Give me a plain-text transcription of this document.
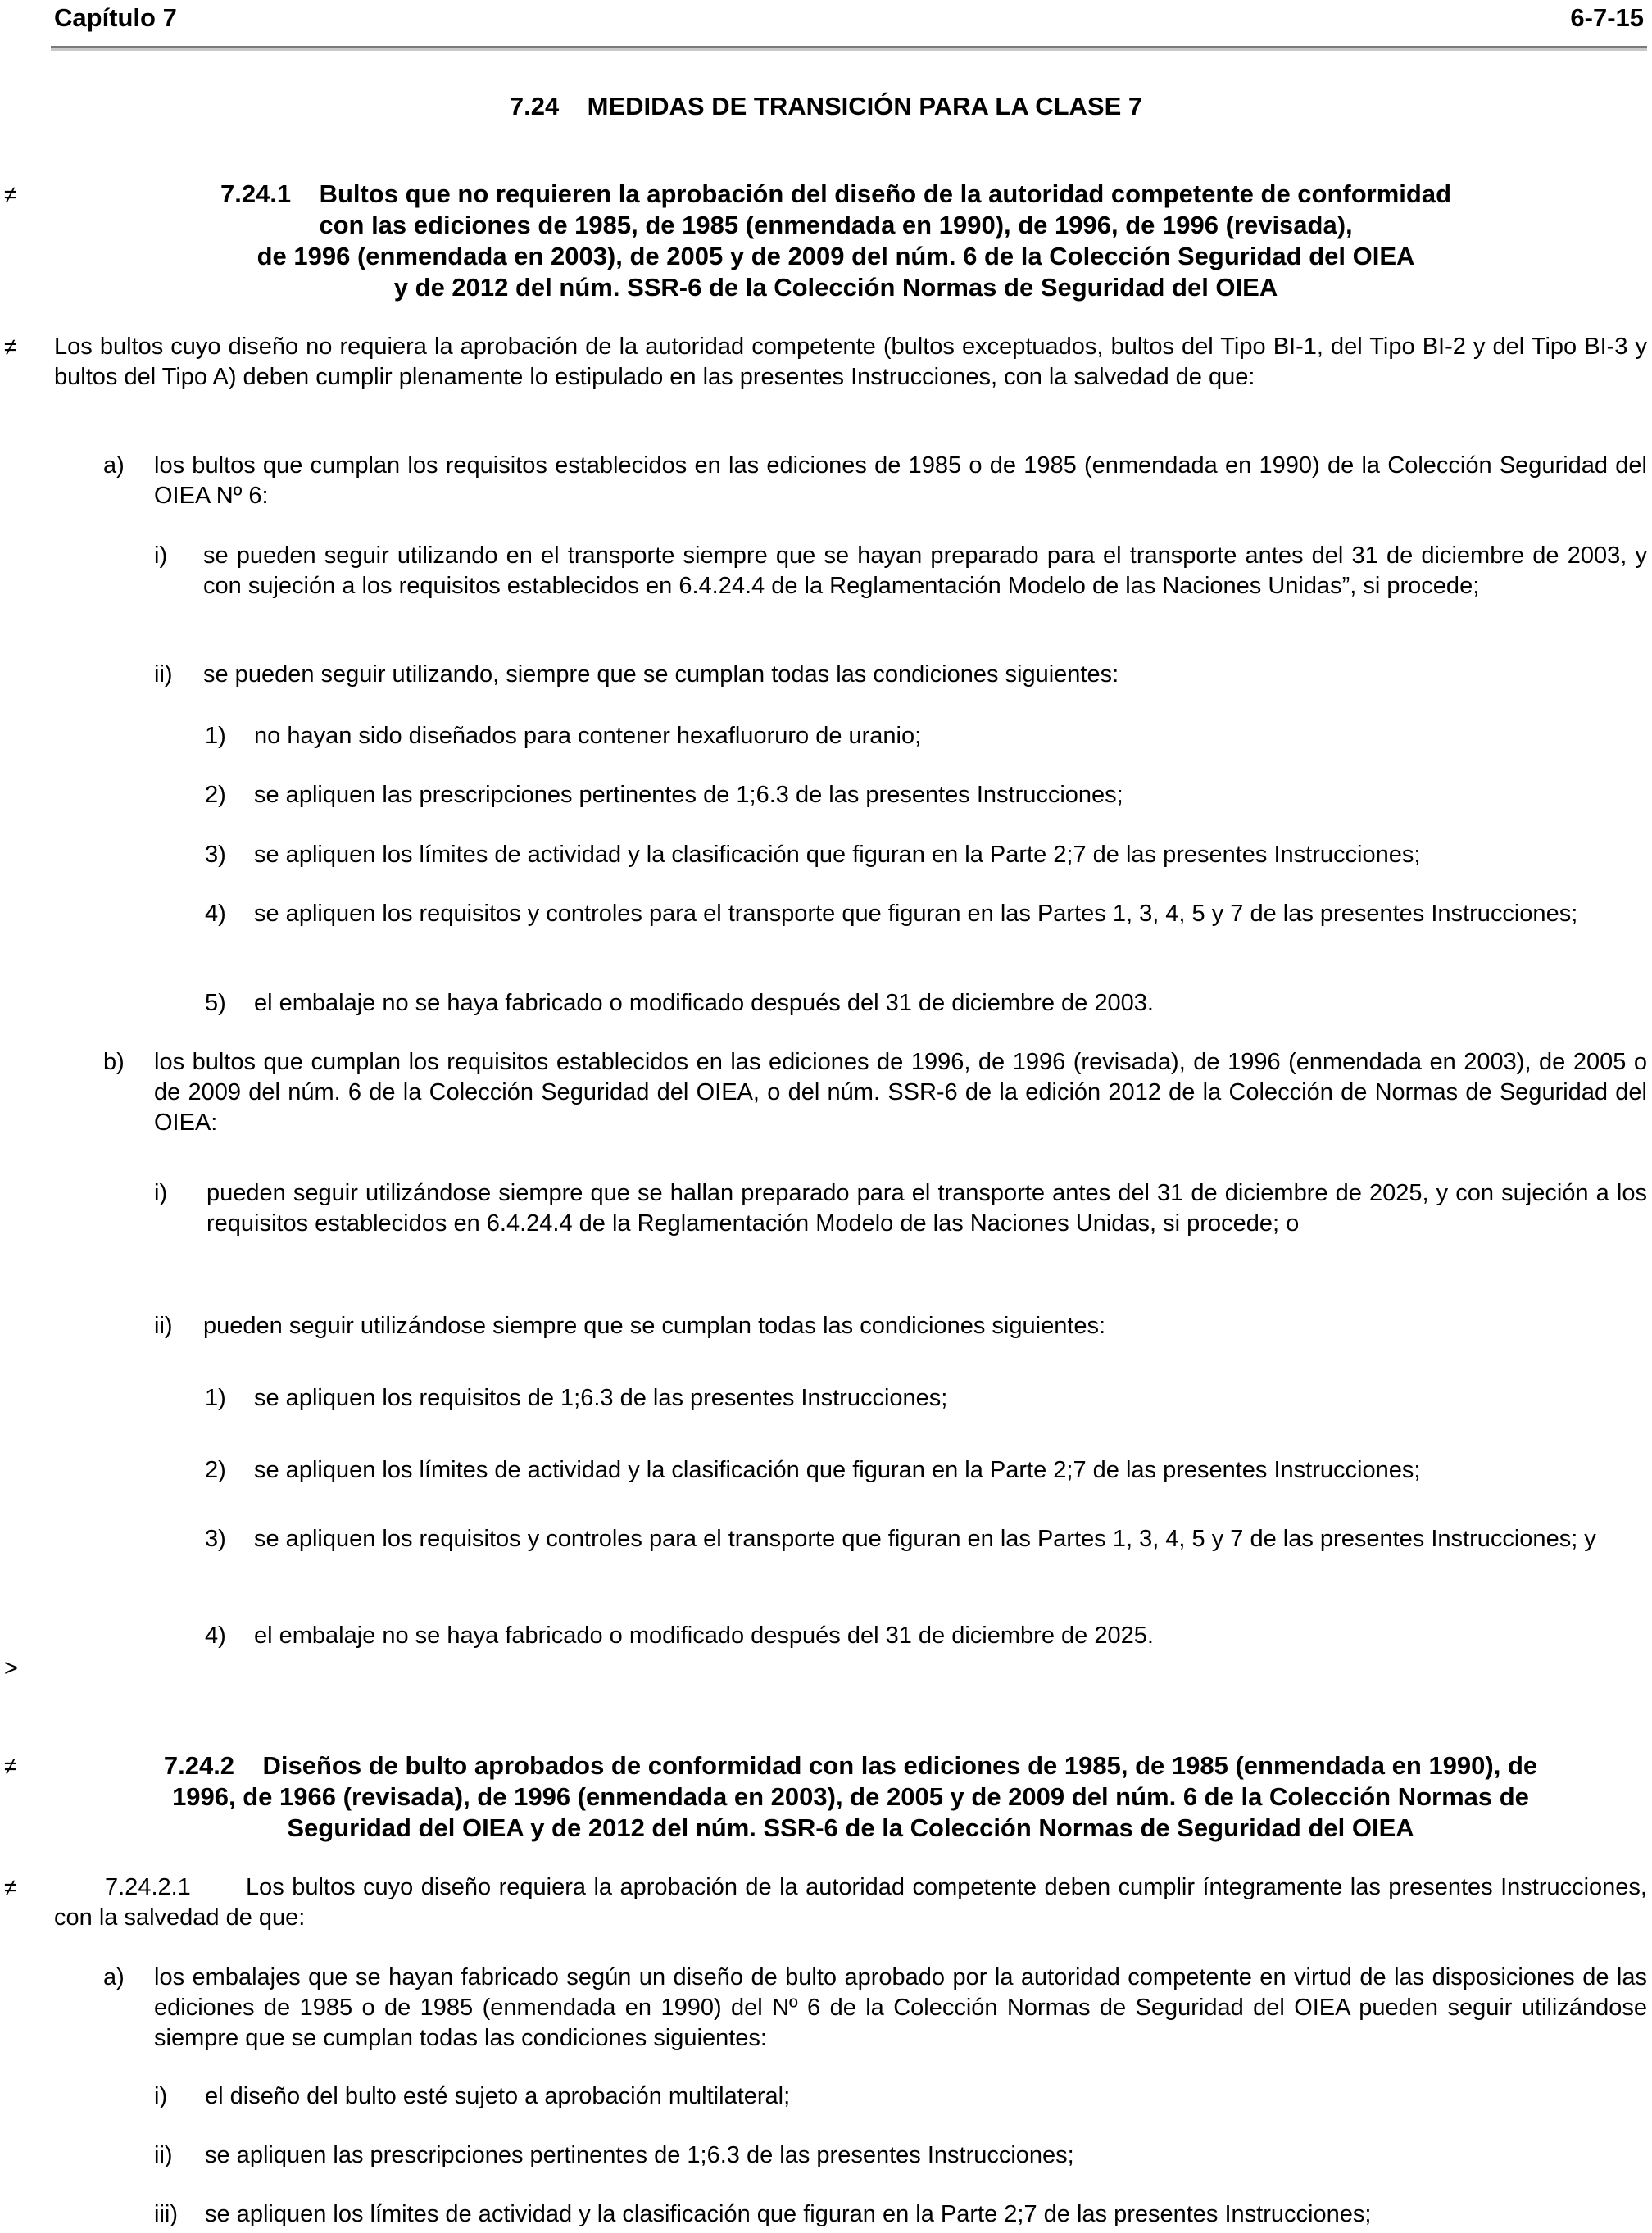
Capítulo 7	6-7-15
7.24    MEDIDAS DE TRANSICIÓN PARA LA CLASE 7
≠	7.24.1    Bultos que no requieren la aprobación del diseño de la autoridad competente de conformidad
con las ediciones de 1985, de 1985 (enmendada en 1990), de 1996, de 1996 (revisada),
de 1996 (enmendada en 2003), de 2005 y de 2009 del núm. 6 de la Colección Seguridad del OIEA
y de 2012 del núm. SSR-6 de la Colección Normas de Seguridad del OIEA
≠ Los bultos cuyo diseño no requiera la aprobación de la autoridad competente (bultos exceptuados, bultos del Tipo BI-1, del Tipo BI-2 y del Tipo BI-3 y bultos del Tipo A) deben cumplir plenamente lo estipulado en las presentes Instrucciones, con la salvedad de que:
a) los bultos que cumplan los requisitos establecidos en las ediciones de 1985 o de 1985 (enmendada en 1990) de la Colección Seguridad del OIEA Nº 6:
i) se pueden seguir utilizando en el transporte siempre que se hayan preparado para el transporte antes del 31 de diciembre de 2003, y con sujeción a los requisitos establecidos en 6.4.24.4 de la Reglamentación Modelo de las Naciones Unidas”, si procede;
ii) se pueden seguir utilizando, siempre que se cumplan todas las condiciones siguientes:
1) no hayan sido diseñados para contener hexafluoruro de uranio;
2) se apliquen las prescripciones pertinentes de 1;6.3 de las presentes Instrucciones;
3) se apliquen los límites de actividad y la clasificación que figuran en la Parte 2;7 de las presentes Instrucciones;
4)	se apliquen los requisitos y controles para el transporte que figuran en las Partes 1, 3, 4, 5 y 7 de las presentes Instrucciones;
5) el embalaje no se haya fabricado o modificado después del 31 de diciembre de 2003.
b) los bultos que cumplan los requisitos establecidos en las ediciones de 1996, de 1996 (revisada), de 1996 (enmendada en 2003), de 2005 o de 2009 del núm. 6 de la Colección Seguridad del OIEA, o del núm. SSR-6 de la edición 2012 de la Colección de Normas de Seguridad del OIEA:
i) pueden seguir utilizándose siempre que se hallan preparado para el transporte antes del 31 de diciembre de 2025, y con sujeción a los requisitos establecidos en 6.4.24.4 de la Reglamentación Modelo de las Naciones Unidas, si procede; o
ii) pueden seguir utilizándose siempre que se cumplan todas las condiciones siguientes:
1) se apliquen los requisitos de 1;6.3 de las presentes Instrucciones;
2) se apliquen los límites de actividad y la clasificación que figuran en la Parte 2;7 de las presentes Instrucciones;
3)	se apliquen los requisitos y controles para el transporte que figuran en las Partes 1, 3, 4, 5 y 7 de las presentes Instrucciones; y
4) el embalaje no se haya fabricado o modificado después del 31 de diciembre de 2025.
>
≠	7.24.2    Diseños de bulto aprobados de conformidad con las ediciones de 1985, de 1985 (enmendada en 1990), de
1996, de 1966 (revisada), de 1996 (enmendada en 2003), de 2005 y de 2009 del núm. 6 de la Colección Normas de
Seguridad del OIEA y de 2012 del núm. SSR-6 de la Colección Normas de Seguridad del OIEA
≠	7.24.2.1	Los bultos cuyo diseño requiera la aprobación de la autoridad competente deben cumplir íntegramente las presentes Instrucciones, con la salvedad de que:
a) los embalajes que se hayan fabricado según un diseño de bulto aprobado por la autoridad competente en virtud de las disposiciones de las ediciones de 1985 o de 1985 (enmendada en 1990) del Nº 6 de la Colección Normas de Seguridad del OIEA pueden seguir utilizándose siempre que se cumplan todas las condiciones siguientes:
i) el diseño del bulto esté sujeto a aprobación multilateral;
ii) se apliquen las prescripciones pertinentes de 1;6.3 de las presentes Instrucciones;
iii) se apliquen los límites de actividad y la clasificación que figuran en la Parte 2;7 de las presentes Instrucciones;
